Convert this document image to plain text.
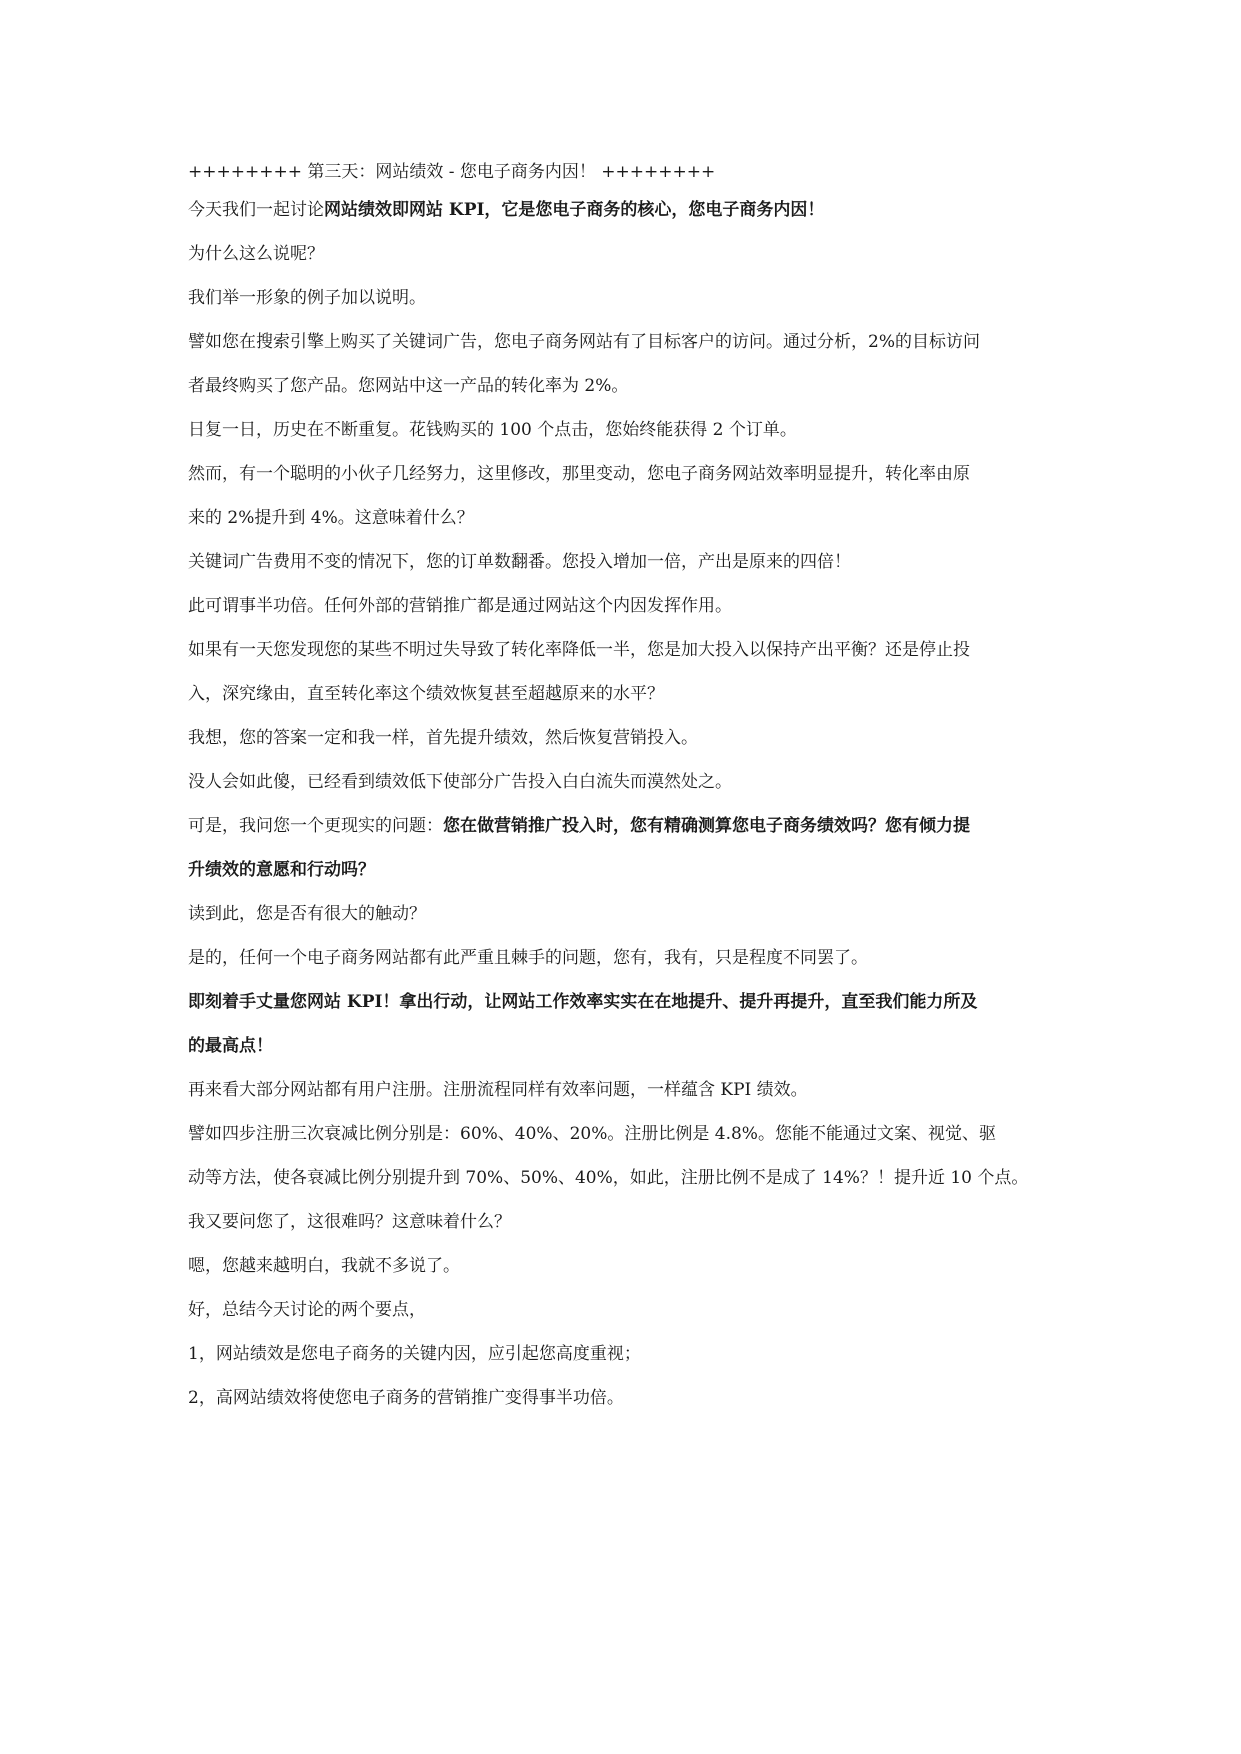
++++++++ 第三天：网站绩效 - 您电子商务内因！ ++++++++
今天我们一起讨论网站绩效即网站 KPI，它是您电子商务的核心，您电子商务内因！
为什么这么说呢？
我们举一形象的例子加以说明。
譬如您在搜索引擎上购买了关键词广告，您电子商务网站有了目标客户的访问。通过分析，2%的目标访问
者最终购买了您产品。您网站中这一产品的转化率为 2%。
日复一日，历史在不断重复。花钱购买的 100 个点击，您始终能获得 2 个订单。
然而，有一个聪明的小伙子几经努力，这里修改，那里变动，您电子商务网站效率明显提升，转化率由原
来的 2%提升到 4%。这意味着什么？
关键词广告费用不变的情况下，您的订单数翻番。您投入增加一倍，产出是原来的四倍！
此可谓事半功倍。任何外部的营销推广都是通过网站这个内因发挥作用。
如果有一天您发现您的某些不明过失导致了转化率降低一半，您是加大投入以保持产出平衡？还是停止投
入，深究缘由，直至转化率这个绩效恢复甚至超越原来的水平？
我想，您的答案一定和我一样，首先提升绩效，然后恢复营销投入。
没人会如此傻，已经看到绩效低下使部分广告投入白白流失而漠然处之。
可是，我问您一个更现实的问题：您在做营销推广投入时，您有精确测算您电子商务绩效吗？您有倾力提
升绩效的意愿和行动吗？
读到此，您是否有很大的触动？
是的，任何一个电子商务网站都有此严重且棘手的问题，您有，我有，只是程度不同罢了。
即刻着手丈量您网站 KPI！拿出行动，让网站工作效率实实在在地提升、提升再提升，直至我们能力所及
的最高点！
再来看大部分网站都有用户注册。注册流程同样有效率问题，一样蕴含 KPI 绩效。
譬如四步注册三次衰减比例分别是：60%、40%、20%。注册比例是 4.8%。您能不能通过文案、视觉、驱
动等方法，使各衰减比例分别提升到 70%、50%、40%，如此，注册比例不是成了 14%？！提升近 10 个点。
我又要问您了，这很难吗？这意味着什么？
嗯，您越来越明白，我就不多说了。
好，总结今天讨论的两个要点，
1，网站绩效是您电子商务的关键内因，应引起您高度重视；
2，高网站绩效将使您电子商务的营销推广变得事半功倍。
